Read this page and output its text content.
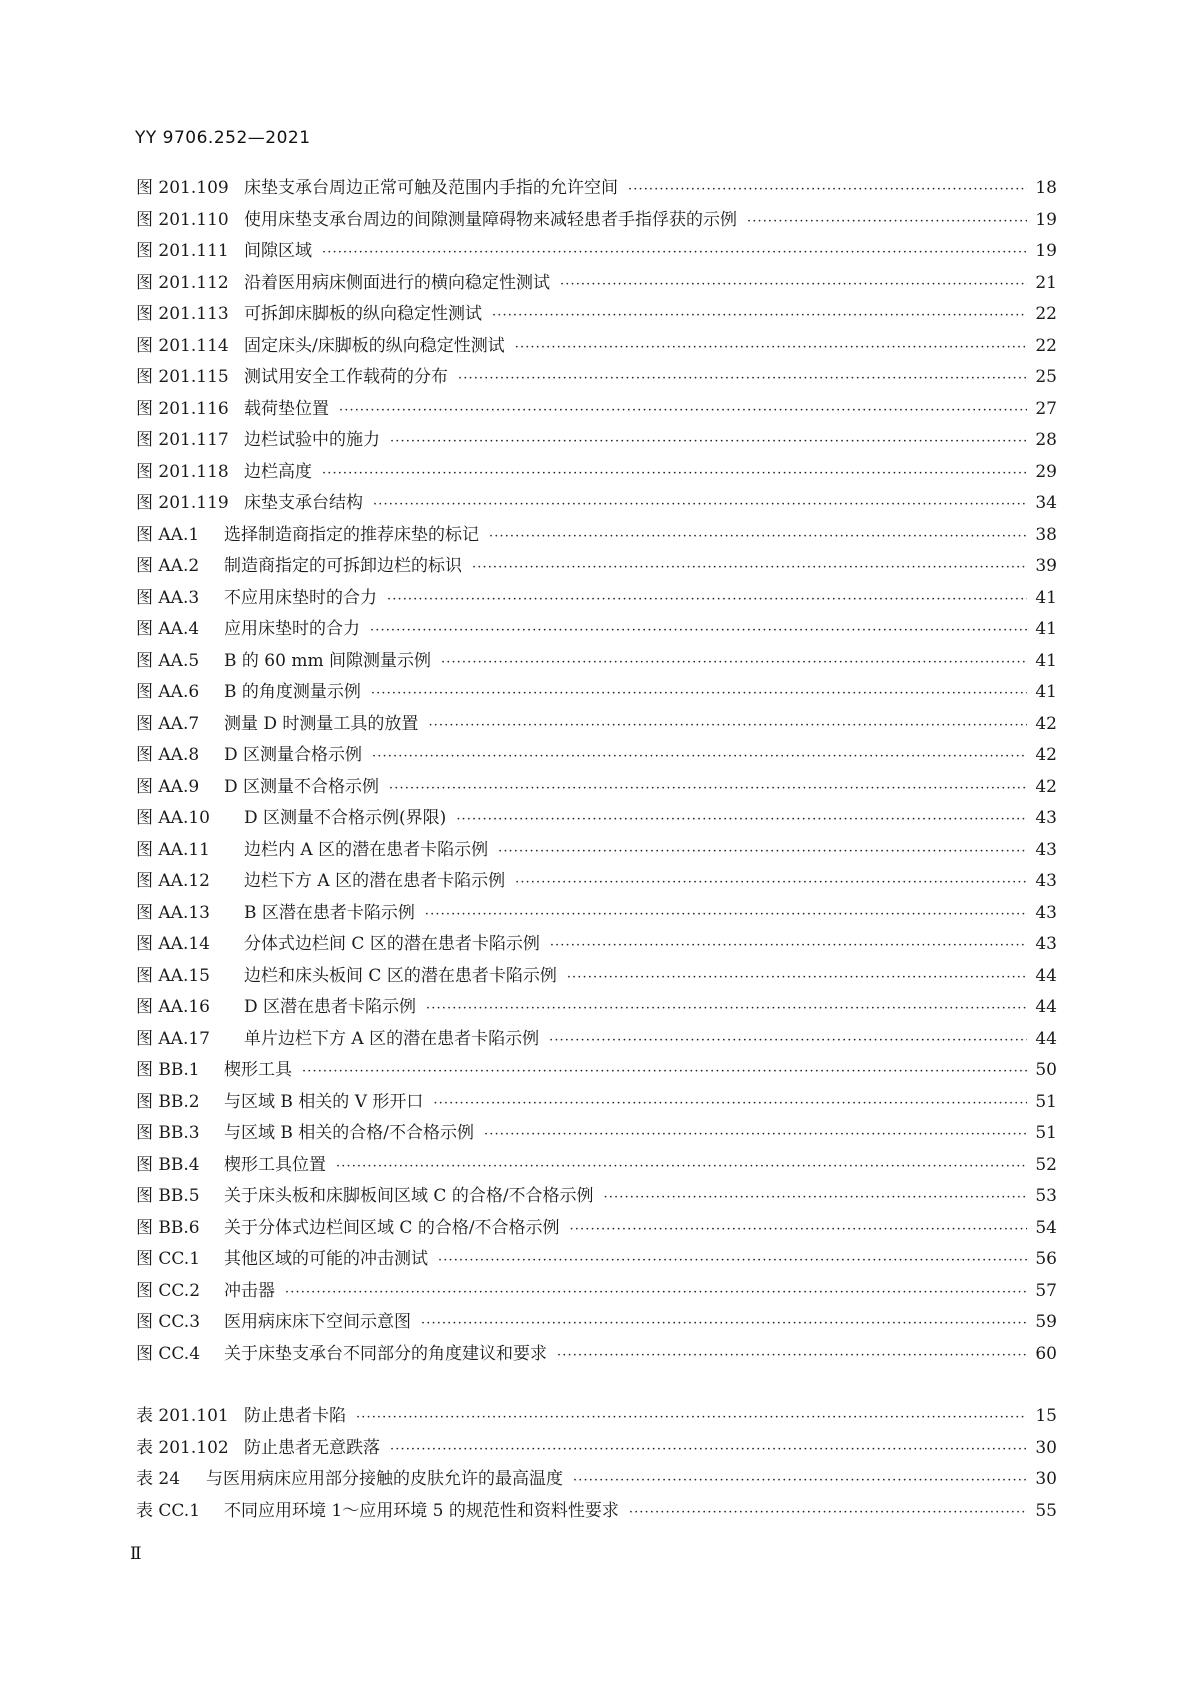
YY 9706.252—2021
图 201.109 床垫支承台周边正常可触及范围内手指的允许空间 ·····	18
图 201.110 使用床垫支承台周边的间隙测量障碍物来减轻患者手指俘获的示例 ·····	19
图 201.111 间隙区域 ·····	19
图 201.112 沿着医用病床侧面进行的横向稳定性测试 ·····	21
图 201.113 可拆卸床脚板的纵向稳定性测试 ·····	22
图 201.114 固定床头/床脚板的纵向稳定性测试 ·····	22
图 201.115 测试用安全工作载荷的分布 ·····	25
图 201.116 载荷垫位置 ·····	27
图 201.117 边栏试验中的施力 ·····	28
图 201.118 边栏高度 ·····	29
图 201.119 床垫支承台结构 ·····	34
图 AA.1	选择制造商指定的推荐床垫的标记 ·····	38
图 AA.2	制造商指定的可拆卸边栏的标识 ·····	39
图 AA.3	不应用床垫时的合力 ·····	41
图 AA.4	应用床垫时的合力 ·····	41
图 AA.5	B 的 60 mm 间隙测量示例 ·····	41
图 AA.6	B 的角度测量示例 ·····	41
图 AA.7	测量 D 时测量工具的放置 ·····	42
图 AA.8	D 区测量合格示例 ·····	42
图 AA.9	D 区测量不合格示例 ·····	42
图 AA.10	D 区测量不合格示例(界限) ·····	43
图 AA.11	边栏内 A 区的潜在患者卡陷示例 ·····	43
图 AA.12	边栏下方 A 区的潜在患者卡陷示例 ·····	43
图 AA.13	B 区潜在患者卡陷示例 ·····	43
图 AA.14	分体式边栏间 C 区的潜在患者卡陷示例 ·····	43
图 AA.15	边栏和床头板间 C 区的潜在患者卡陷示例 ·····	44
图 AA.16	D 区潜在患者卡陷示例 ·····	44
图 AA.17	单片边栏下方 A 区的潜在患者卡陷示例 ·····	44
图 BB.1	楔形工具 ·····	50
图 BB.2	与区域 B 相关的 V 形开口 ·····	51
图 BB.3	与区域 B 相关的合格/不合格示例 ·····	51
图 BB.4	楔形工具位置 ·····	52
图 BB.5	关于床头板和床脚板间区域 C 的合格/不合格示例 ·····	53
图 BB.6	关于分体式边栏间区域 C 的合格/不合格示例 ·····	54
图 CC.1	其他区域的可能的冲击测试 ·····	56
图 CC.2	冲击器 ·····	57
图 CC.3	医用病床床下空间示意图 ·····	59
图 CC.4	关于床垫支承台不同部分的角度建议和要求 ·····	60
表 201.101 防止患者卡陷 ·····	15
表 201.102 防止患者无意跌落 ·····	30
表 24	与医用病床应用部分接触的皮肤允许的最高温度 ·····	30
表 CC.1	不同应用环境 1～应用环境 5 的规范性和资料性要求 ·····	55
Ⅱ
